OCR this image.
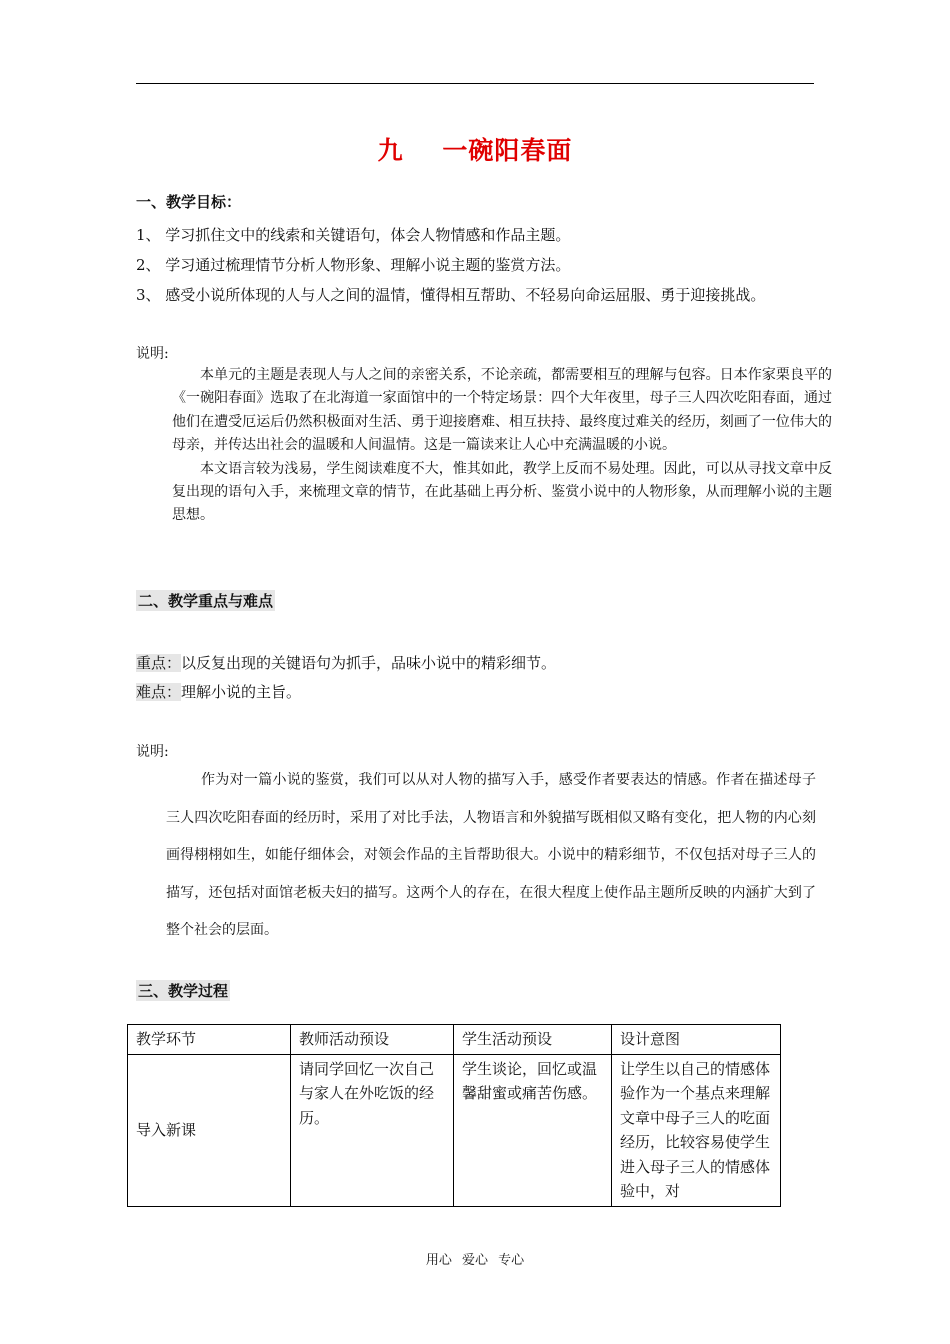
九    一碗阳春面
一、教学目标：
1、 学习抓住文中的线索和关键语句，体会人物情感和作品主题。
2、 学习通过梳理情节分析人物形象、理解小说主题的鉴赏方法。
3、 感受小说所体现的人与人之间的温情，懂得相互帮助、不轻易向命运屈服、勇于迎接挑战。
说明:

本单元的主题是表现人与人之间的亲密关系，不论亲疏，都需要相互的理解与包容。日本作家栗良平的《一碗阳春面》选取了在北海道一家面馆中的一个特定场景：四个大年夜里，母子三人四次吃阳春面，通过他们在遭受厄运后仍然积极面对生活、勇于迎接磨难、相互扶持、最终度过难关的经历，刻画了一位伟大的母亲，并传达出社会的温暖和人间温情。这是一篇读来让人心中充满温暖的小说。

本文语言较为浅易，学生阅读难度不大，惟其如此，教学上反而不易处理。因此，可以从寻找文章中反复出现的语句入手，来梳理文章的情节，在此基础上再分析、鉴赏小说中的人物形象，从而理解小说的主题思想。

二、教学重点与难点
重点：以反复出现的关键语句为抓手，品味小说中的精彩细节。
难点：理解小说的主旨。
说明:
作为对一篇小说的鉴赏，我们可以从对人物的描写入手，感受作者要表达的情感。作者在描述母子三人四次吃阳春面的经历时，采用了对比手法，人物语言和外貌描写既相似又略有变化，把人物的内心刻画得栩栩如生，如能仔细体会，对领会作品的主旨帮助很大。小说中的精彩细节，不仅包括对母子三人的描写，还包括对面馆老板夫妇的描写。这两个人的存在，在很大程度上使作品主题所反映的内涵扩大到了整个社会的层面。
三、教学过程
教学环节	教师活动预设	学生活动预设	设计意图
导入新课	请同学回忆一次自己与家人在外吃饭的经历。	学生谈论，回忆或温馨甜蜜或痛苦伤感。	让学生以自己的情感体验作为一个基点来理解文章中母子三人的吃面经历，比较容易使学生进入母子三人的情感体验中，对
用心 爱心 专心
